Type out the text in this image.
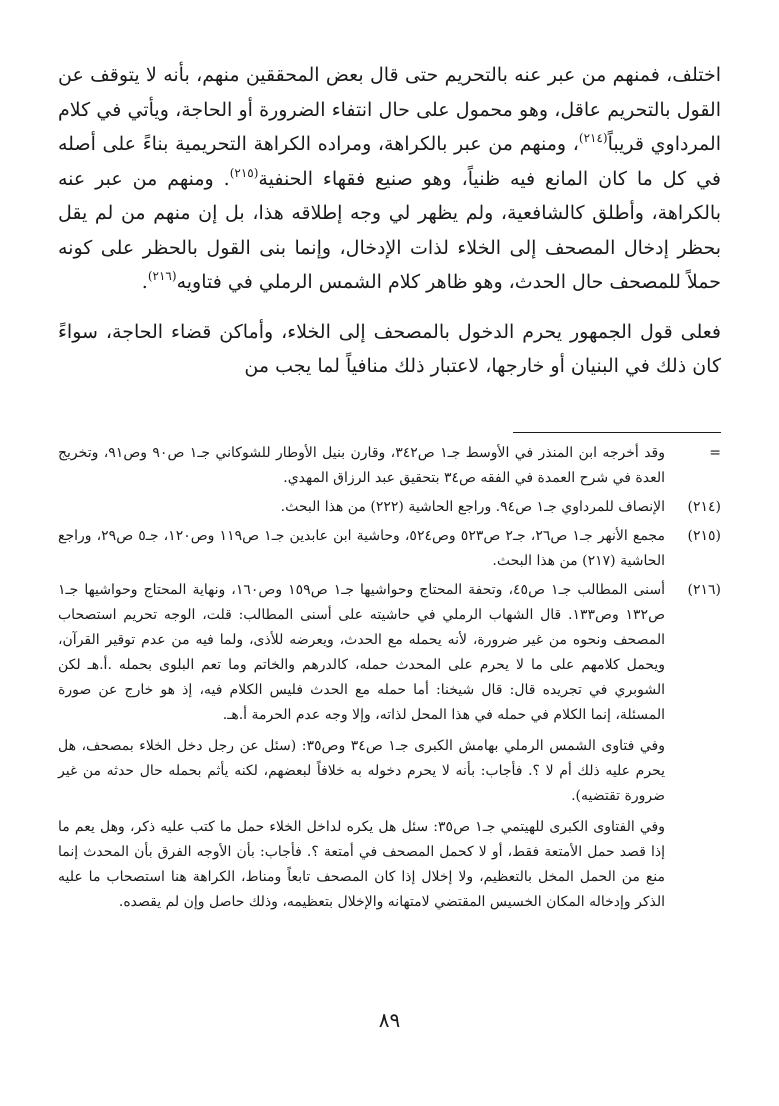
اختلف، فمنهم من عبر عنه بالتحريم حتى قال بعض المحققين منهم، بأنه لا يتوقف عن القول بالتحريم عاقل، وهو محمول على حال انتفاء الضرورة أو الحاجة، ويأتي في كلام المرداوي قريباً$^{(٢١٤)}$، ومنهم من عبر بالكراهة، ومراده الكراهة التحريمية بناءً على أصله في كل ما كان المانع فيه ظنياً، وهو صنيع فقهاء الحنفية$^{(٢١٥)}$. ومنهم من عبر عنه بالكراهة، وأطلق كالشافعية، ولم يظهر لي وجه إطلاقه هذا، بل إن منهم من لم يقل بحظر إدخال المصحف إلى الخلاء لذات الإدخال، وإنما بنى القول بالحظر على كونه حملاً للمصحف حال الحدث، وهو ظاهر كلام الشمس الرملي في فتاويه$^{(٢١٦)}$.

فعلى قول الجمهور يحرم الدخول بالمصحف إلى الخلاء، وأماكن قضاء الحاجة، سواءً كان ذلك في البنيان أو خارجها، لاعتبار ذلك منافياً لما يجب من

=
وقد أخرجه ابن المنذر في الأوسط جـ١ ص٣٤٢، وقارن بنيل الأوطار للشوكاني جـ١ ص٩٠ وص٩١، وتخريج العدة في شرح العمدة في الفقه ص٣٤ بتحقيق عبد الرزاق المهدي.
(٢١٤)
الإنصاف للمرداوي جـ١ ص٩٤. وراجع الحاشية (٢٢٢) من هذا البحث.
(٢١٥)
مجمع الأنهر جـ١ ص٢٦، جـ٢ ص٥٢٣ وص٥٢٤، وحاشية ابن عابدين جـ١ ص١١٩ وص١٢٠، جـ٥ ص٢٩، وراجع الحاشية (٢١٧) من هذا البحث.
(٢١٦)
أسنى المطالب جـ١ ص٤٥، وتحفة المحتاج وحواشيها جـ١ ص١٥٩ وص١٦٠، ونهاية المحتاج وحواشيها جـ١ ص١٣٢ وص١٣٣. قال الشهاب الرملي في حاشيته على أسنى المطالب: قلت، الوجه تحريم استصحاب المصحف ونحوه من غير ضرورة، لأنه يحمله مع الحدث، ويعرضه للأذى، ولما فيه من عدم توقير القرآن، ويحمل كلامهم على ما لا يحرم على المحدث حمله، كالدرهم والخاتم وما تعم البلوى بحمله .أ.هـ لكن الشوبري في تجريده قال: قال شيخنا: أما حمله مع الحدث فليس الكلام فيه، إذ هو خارج عن صورة المسئلة، إنما الكلام في حمله في هذا المحل لذاته، وإلا وجه عدم الحرمة أ.هـ.

وفي فتاوى الشمس الرملي بهامش الكبرى جـ١ ص٣٤ وص٣٥: (سئل عن رجل دخل الخلاء بمصحف، هل يحرم عليه ذلك أم لا ؟. فأجاب: بأنه لا يحرم دخوله به خلافاً لبعضهم، لكنه يأثم بحمله حال حدثه من غير ضرورة تقتضيه).

وفي الفتاوى الكبرى للهيتمي جـ١ ص٣٥: سئل هل يكره لداخل الخلاء حمل ما كتب عليه ذكر، وهل يعم ما إذا قصد حمل الأمتعة فقط، أو لا كحمل المصحف في أمتعة ؟. فأجاب: بأن الأوجه الفرق بأن المحدث إنما منع من الحمل المخل بالتعظيم، ولا إخلال إذا كان المصحف تابعاً ومناط، الكراهة هنا استصحاب ما عليه الذكر وإدخاله المكان الخسيس المقتضي لامتهانه والإخلال بتعظيمه، وذلك حاصل وإن لم يقصده.

٨٩
